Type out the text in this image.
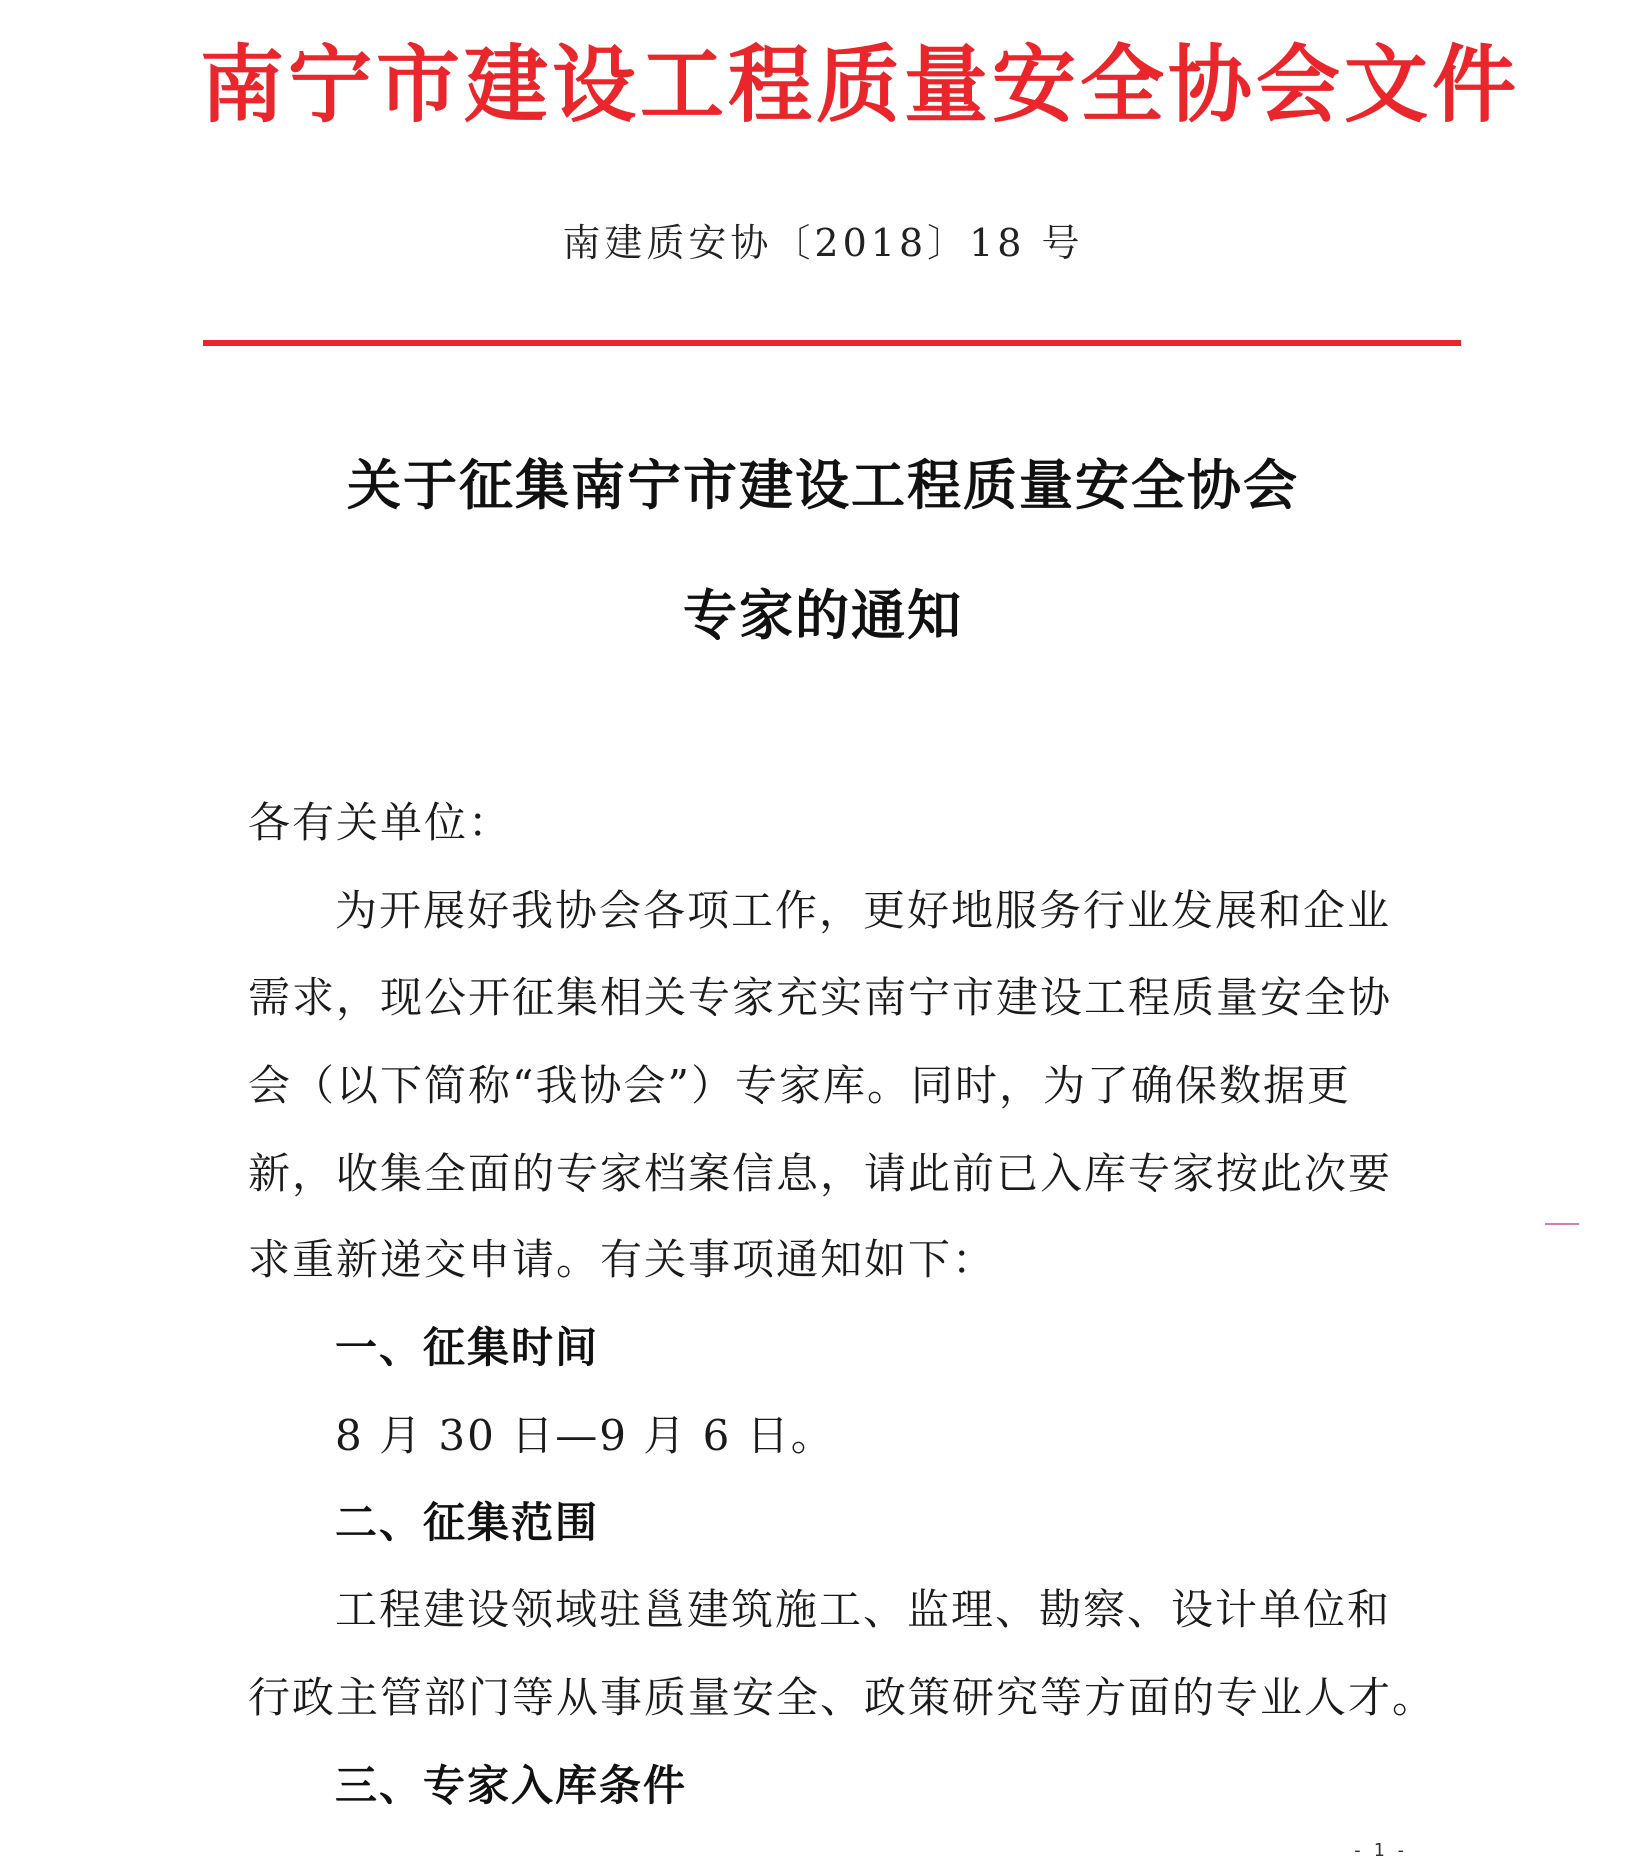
南宁市建设工程质量安全协会文件
南建质安协〔2018〕18 号
关于征集南宁市建设工程质量安全协会
专家的通知
各有关单位：
为开展好我协会各项工作，更好地服务行业发展和企业
需求，现公开征集相关专家充实南宁市建设工程质量安全协
会（以下简称“我协会”）专家库。同时，为了确保数据更
新，收集全面的专家档案信息，请此前已入库专家按此次要
求重新递交申请。有关事项通知如下：
一、征集时间
8 月 30 日—9 月 6 日。
二、征集范围
工程建设领域驻邕建筑施工、监理、勘察、设计单位和
行政主管部门等从事质量安全、政策研究等方面的专业人才。
三、专家入库条件
- 1 -
